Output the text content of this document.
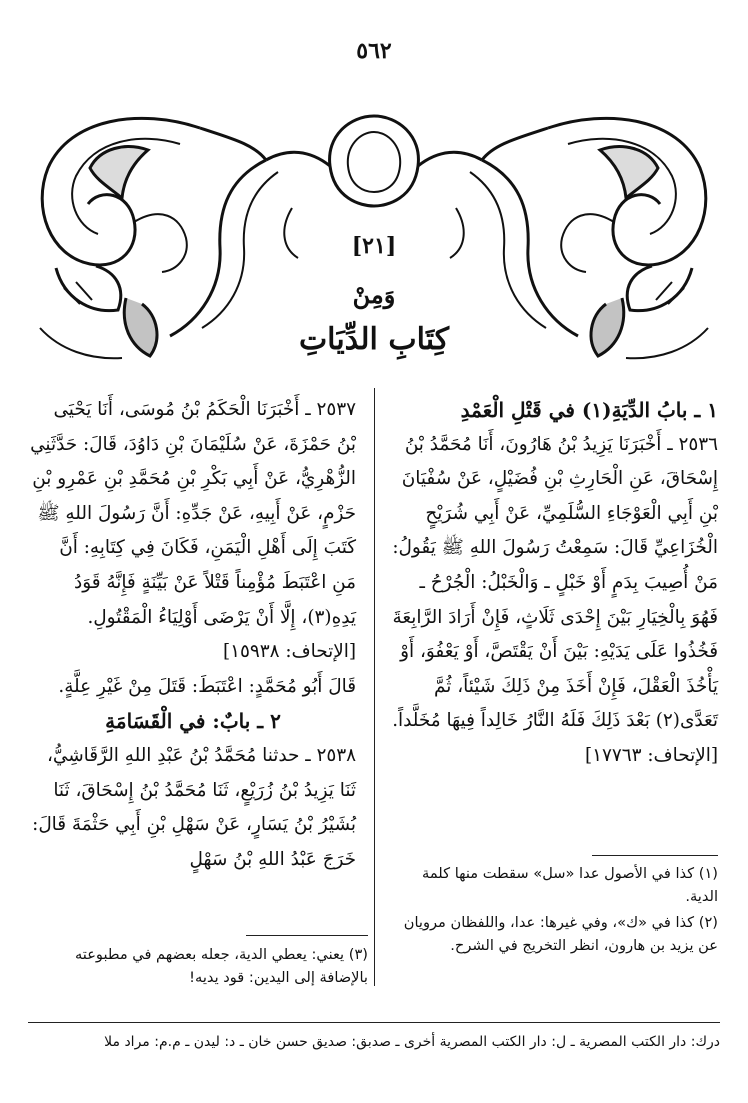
٥٦٢
[٢١]
وَمِنْ
كِتَابِ الدِّيَاتِ

١ ـ بابُ الدِّيَةِ(١) في قَتْلِ الْعَمْدِ

٢٥٣٦ ـ أَخْبَرَنَا يَزِيدُ بْنُ هَارُونَ، أَنَا مُحَمَّدُ بْنُ إِسْحَاقَ، عَنِ الْحَارِثِ بْنِ فُضَيْلٍ، عَنْ سُفْيَانَ بْنِ أَبِي الْعَوْجَاءِ السُّلَمِيِّ، عَنْ أَبِي شُرَيْحٍ الْخُزَاعِيِّ قَالَ: سَمِعْتُ رَسُولَ اللهِ ﷺ يَقُولُ: مَنْ أُصِيبَ بِدَمٍ أَوْ خَبْلٍ ـ وَالْخَبْلُ: الْجُرْحُ ـ فَهُوَ بِالْخِيَارِ بَيْنَ إِحْدَى ثَلَاثٍ، فَإِنْ أَرَادَ الرَّابِعَةَ فَخُذُوا عَلَى يَدَيْهِ: بَيْنَ أَنْ يَقْتَصَّ، أَوْ يَعْفُوَ، أَوْ يَأْخُذَ الْعَقْلَ، فَإِنْ أَخَذَ مِنْ ذَلِكَ شَيْئاً، ثُمَّ تَعَدَّى(٢) بَعْدَ ذَلِكَ فَلَهُ النَّارُ خَالِداً فِيهَا مُخَلَّداً. [الإتحاف: ١٧٧٦٣]

٢٥٣٧ ـ أَخْبَرَنَا الْحَكَمُ بْنُ مُوسَى، أَنَا يَحْيَى بْنُ حَمْزَةَ، عَنْ سُلَيْمَانَ بْنِ دَاوُدَ، قَالَ: حَدَّثَنِي الزُّهْرِيُّ، عَنْ أَبِي بَكْرِ بْنِ مُحَمَّدِ بْنِ عَمْرِو بْنِ حَزْمٍ، عَنْ أَبِيهِ، عَنْ جَدِّهِ: أَنَّ رَسُولَ اللهِ ﷺ كَتَبَ إِلَى أَهْلِ الْيَمَنِ، فَكَانَ فِي كِتَابِهِ: أَنَّ مَنِ اعْتَبَطَ مُؤْمِناً قَتْلاً عَنْ بَيِّنَةٍ فَإِنَّهُ قَوَدُ يَدِهِ(٣)، إِلَّا أَنْ يَرْضَى أَوْلِيَاءُ الْمَقْتُولِ. [الإتحاف: ١٥٩٣٨]

قَالَ أَبُو مُحَمَّدٍ: اعْتَبَطَ: قَتَلَ مِنْ غَيْرِ عِلَّةٍ.

٢ ـ بابٌ: في الْقَسَامَةِ

٢٥٣٨ ـ حدثنا مُحَمَّدُ بْنُ عَبْدِ اللهِ الرَّقَاشِيُّ، ثَنَا يَزِيدُ بْنُ زُرَيْعٍ، ثَنَا مُحَمَّدُ بْنُ إِسْحَاقَ، ثَنَا بُشَيْرُ بْنُ يَسَارٍ، عَنْ سَهْلِ بْنِ أَبِي حَثْمَةَ قَالَ: خَرَجَ عَبْدُ اللهِ بْنُ سَهْلٍ

(١) كذا في الأصول عدا «سل» سقطت منها كلمة الدية.

(٢) كذا في «ك»، وفي غيرها: عدا، واللفظان مرويان عن يزيد بن هارون، انظر التخريج في الشرح.

(٣) يعني: يعطي الدية، جعله بعضهم في مطبوعته بالإضافة إلى اليدين: قود يديه!

درك: دار الكتب المصرية ـ ل: دار الكتب المصرية أخرى ـ صدبق: صديق حسن خان ـ د: ليدن ـ م.م: مراد ملا
